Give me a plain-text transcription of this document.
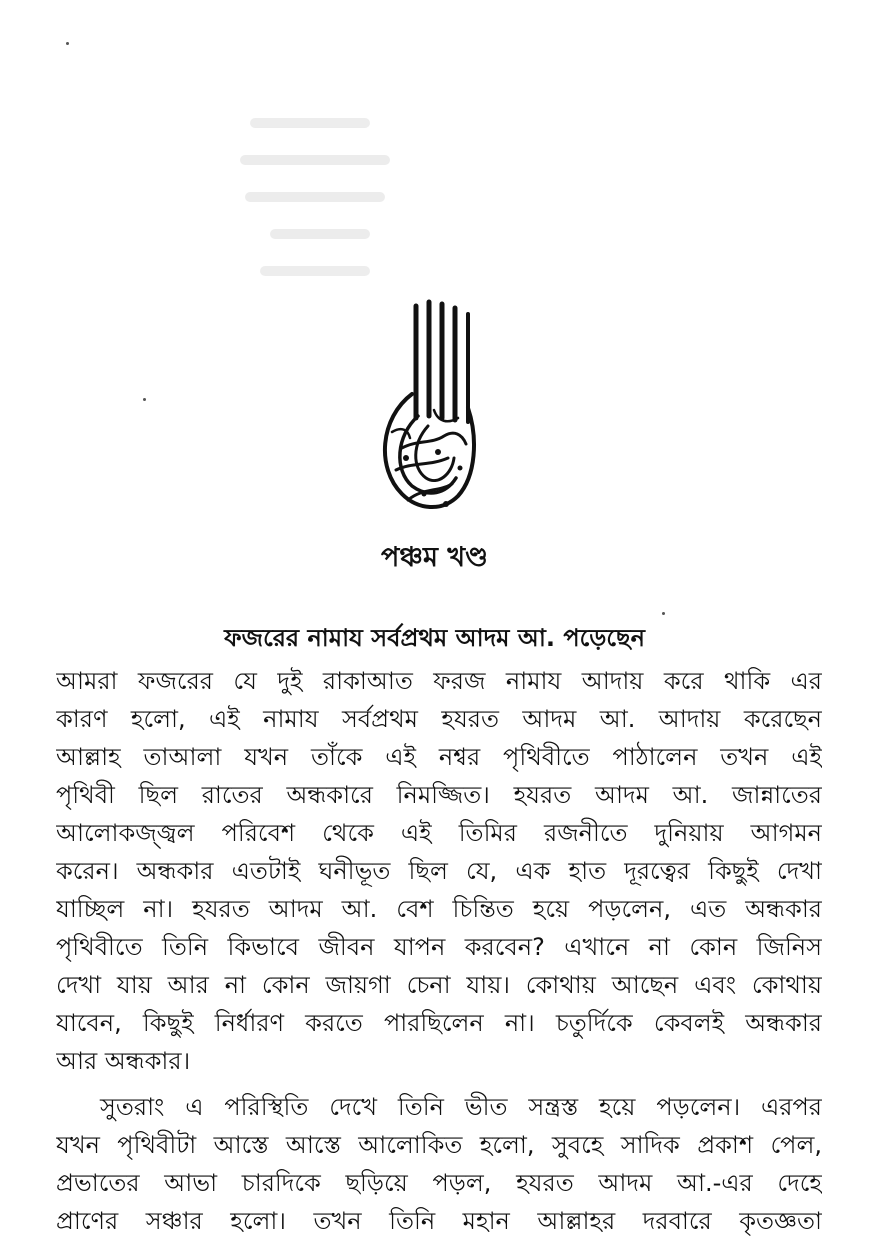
পঞ্চম খণ্ড
ফজরের নামায সর্বপ্রথম আদম আ. পড়েছেন
আমরা ফজরের যে দুই রাকাআত ফরজ নামায আদায় করে থাকি এর
কারণ হলো, এই নামায সর্বপ্রথম হযরত আদম আ. আদায় করেছেন
আল্লাহ তাআলা যখন তাঁকে এই নশ্বর পৃথিবীতে পাঠালেন তখন এই
পৃথিবী ছিল রাতের অন্ধকারে নিমজ্জিত। হযরত আদম আ. জান্নাতের
আলোকজ্জ্বল পরিবেশ থেকে এই তিমির রজনীতে দুনিয়ায় আগমন
করেন। অন্ধকার এতটাই ঘনীভূত ছিল যে, এক হাত দূরত্বের কিছুই দেখা
যাচ্ছিল না। হযরত আদম আ. বেশ চিন্তিত হয়ে পড়লেন, এত অন্ধকার
পৃথিবীতে তিনি কিভাবে জীবন যাপন করবেন? এখানে না কোন জিনিস
দেখা যায় আর না কোন জায়গা চেনা যায়। কোথায় আছেন এবং কোথায়
যাবেন, কিছুই নির্ধারণ করতে পারছিলেন না। চতুর্দিকে কেবলই অন্ধকার
আর অন্ধকার।
সুতরাং এ পরিস্থিতি দেখে তিনি ভীত সন্ত্রস্ত হয়ে পড়লেন। এরপর
যখন পৃথিবীটা আস্তে আস্তে আলোকিত হলো, সুবহে সাদিক প্রকাশ পেল,
প্রভাতের আভা চারদিকে ছড়িয়ে পড়ল, হযরত আদম আ.-এর দেহে
প্রাণের সঞ্চার হলো। তখন তিনি মহান আল্লাহর দরবারে কৃতজ্ঞতা
